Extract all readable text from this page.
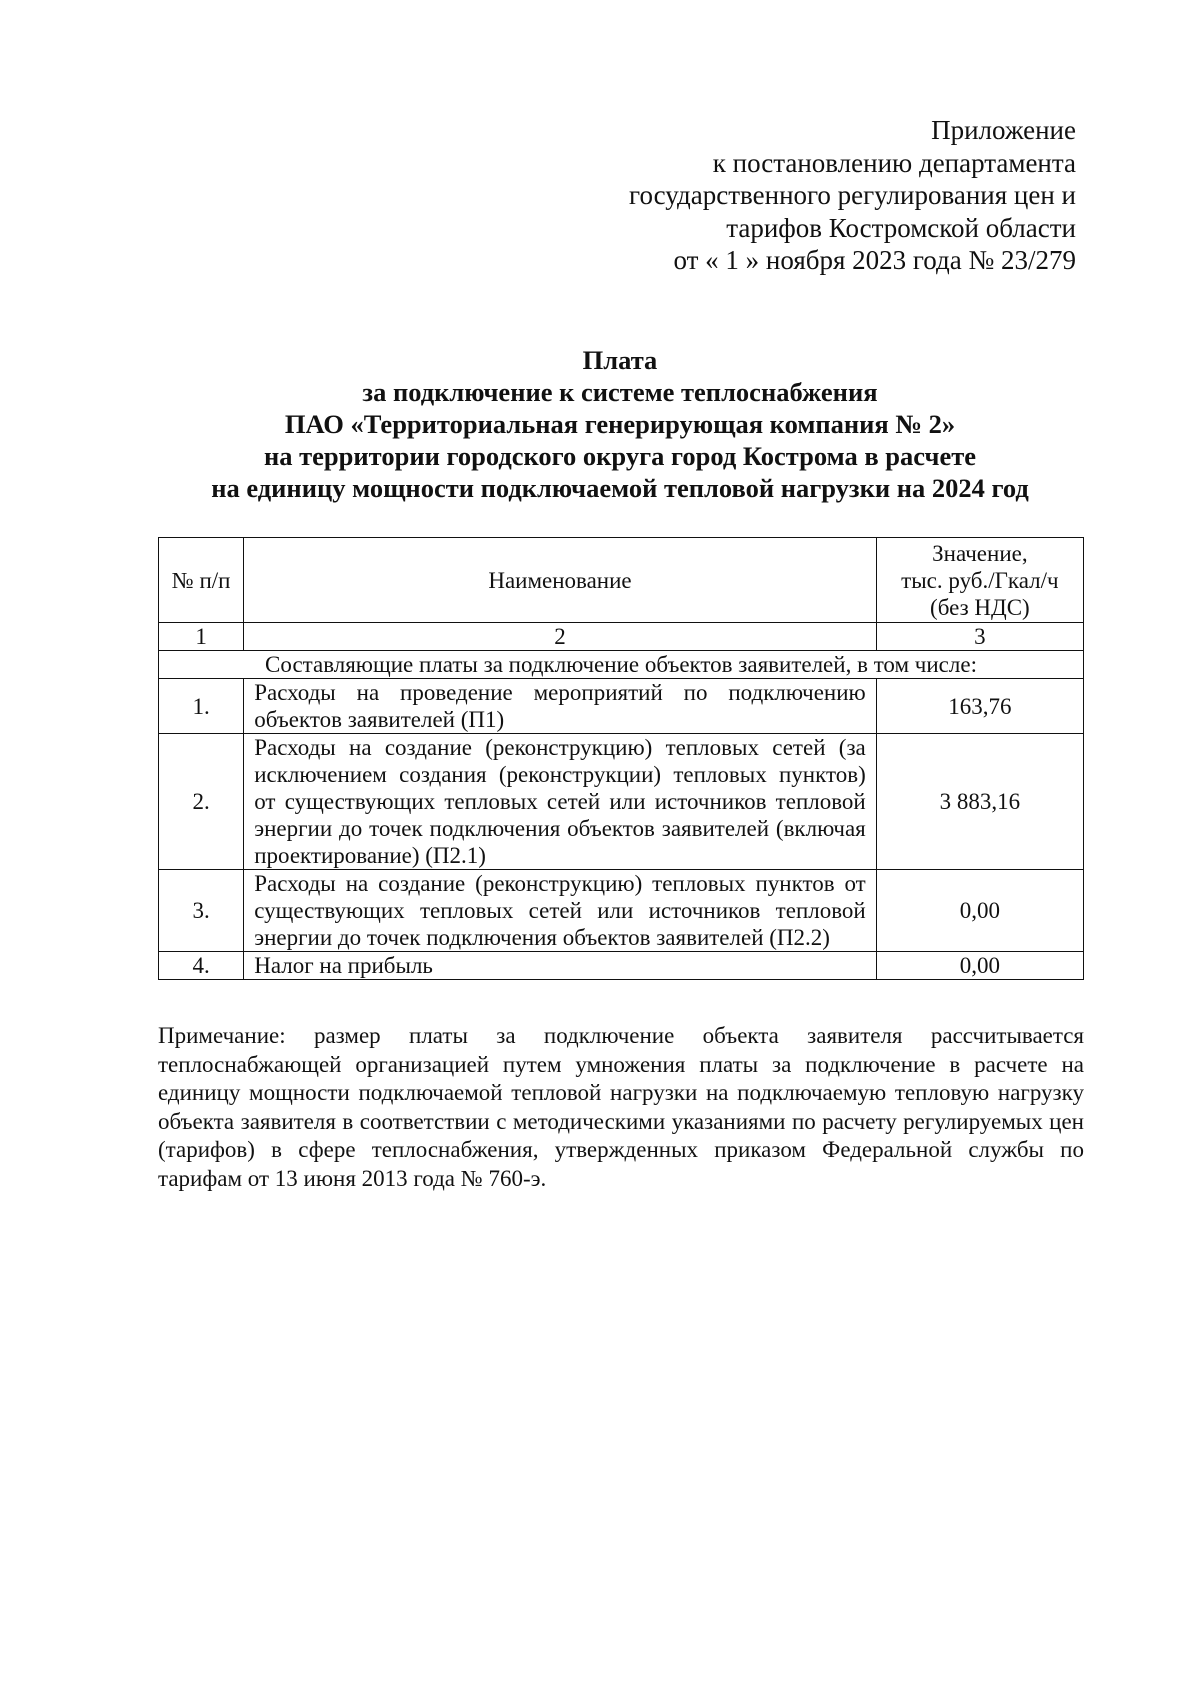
Приложение
к постановлению департамента
государственного регулирования цен и
тарифов Костромской области
от « 1 » ноября 2023 года № 23/279
Плата
за подключение к системе теплоснабжения
ПАО «Территориальная генерирующая компания № 2»
на территории городского округа город Кострома в расчете
на единицу мощности подключаемой тепловой нагрузки на 2024 год
№ п/п	Наименование	Значение,
тыс. руб./Гкал/ч
(без НДС)

1	2	3
Составляющие платы за подключение объектов заявителей, в том числе:		
1.	Расходы на проведение мероприятий по подключению объектов заявителей (П1)	163,76
2.	Расходы на создание (реконструкцию) тепловых сетей (за исключением создания (реконструкции) тепловых пунктов) от существующих тепловых сетей или источников тепловой энергии до точек подключения объектов заявителей (включая проектирование) (П2.1)	3 883,16
3.	Расходы на создание (реконструкцию) тепловых пунктов от существующих тепловых сетей или источников тепловой энергии до точек подключения объектов заявителей (П2.2)	0,00
4.	Налог на прибыль	0,00
Примечание: размер платы за подключение объекта заявителя рассчитывается теплоснабжающей организацией путем умножения платы за подключение в расчете на единицу мощности подключаемой тепловой нагрузки на подключаемую тепловую нагрузку объекта заявителя в соответствии с методическими указаниями по расчету регулируемых цен (тарифов) в сфере теплоснабжения, утвержденных приказом Федеральной службы по тарифам от 13 июня 2013 года № 760-э.
